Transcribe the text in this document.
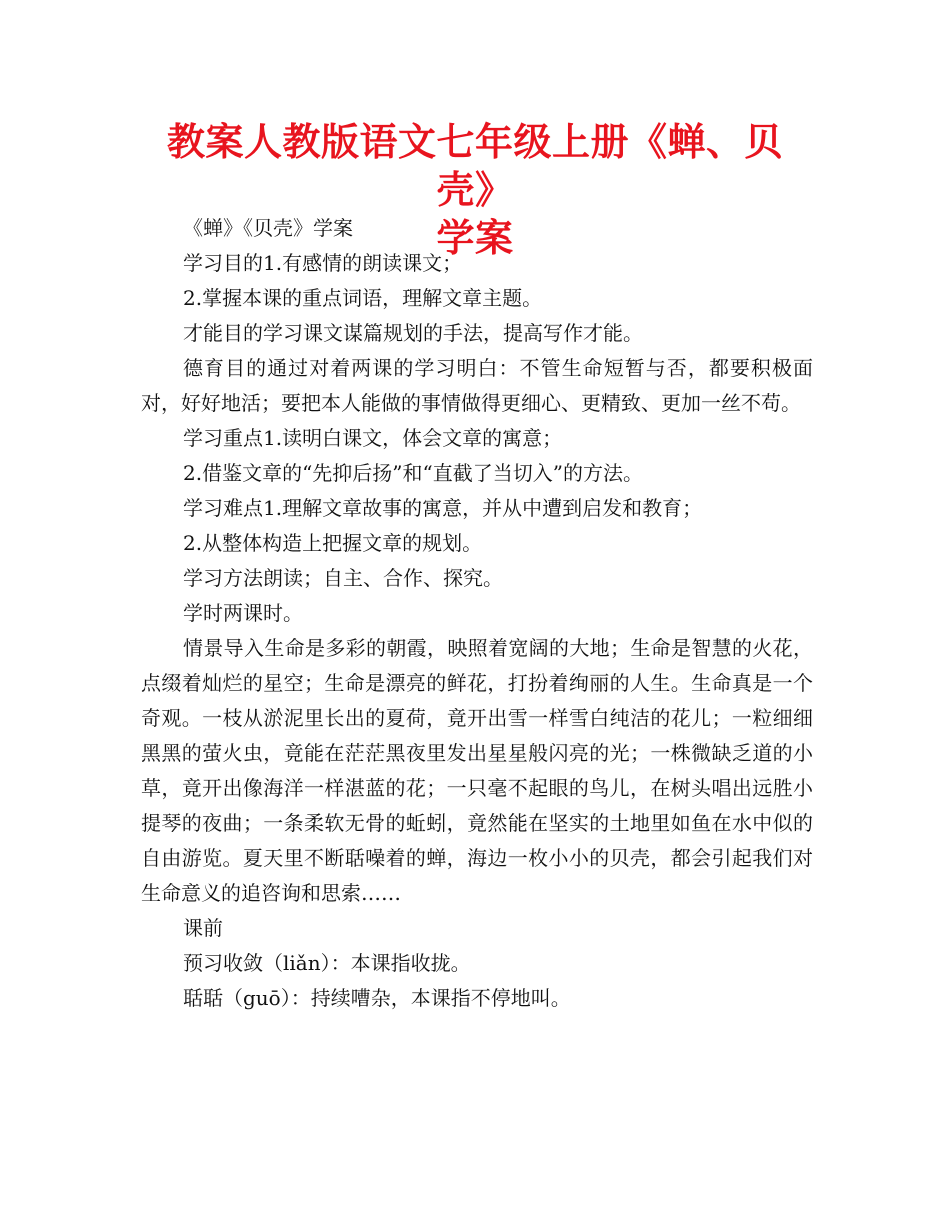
教案人教版语文七年级上册《蝉、贝壳》
学案

《蝉》《贝壳》学案

学习目的1.有感情的朗读课文；

2.掌握本课的重点词语，理解文章主题。

才能目的学习课文谋篇规划的手法，提高写作才能。

德育目的通过对着两课的学习明白：不管生命短暂与否，都要积极面对，好好地活；要把本人能做的事情做得更细心、更精致、更加一丝不苟。

学习重点1.读明白课文，体会文章的寓意；

2.借鉴文章的“先抑后扬”和“直截了当切入”的方法。

学习难点1.理解文章故事的寓意，并从中遭到启发和教育；

2.从整体构造上把握文章的规划。

学习方法朗读；自主、合作、探究。

学时两课时。

情景导入生命是多彩的朝霞，映照着宽阔的大地；生命是智慧的火花，点缀着灿烂的星空；生命是漂亮的鲜花，打扮着绚丽的人生。生命真是一个奇观。一枝从淤泥里长出的夏荷，竟开出雪一样雪白纯洁的花儿；一粒细细黑黑的萤火虫，竟能在茫茫黑夜里发出星星般闪亮的光；一株微缺乏道的小草，竟开出像海洋一样湛蓝的花；一只毫不起眼的鸟儿，在树头唱出远胜小提琴的夜曲；一条柔软无骨的蚯蚓，竟然能在坚实的土地里如鱼在水中似的自由游览。夏天里不断聒噪着的蝉，海边一枚小小的贝壳，都会引起我们对生命意义的追咨询和思索……

课前

预习收敛（liǎn）：本课指收拢。

聒聒（guō）：持续嘈杂，本课指不停地叫。
